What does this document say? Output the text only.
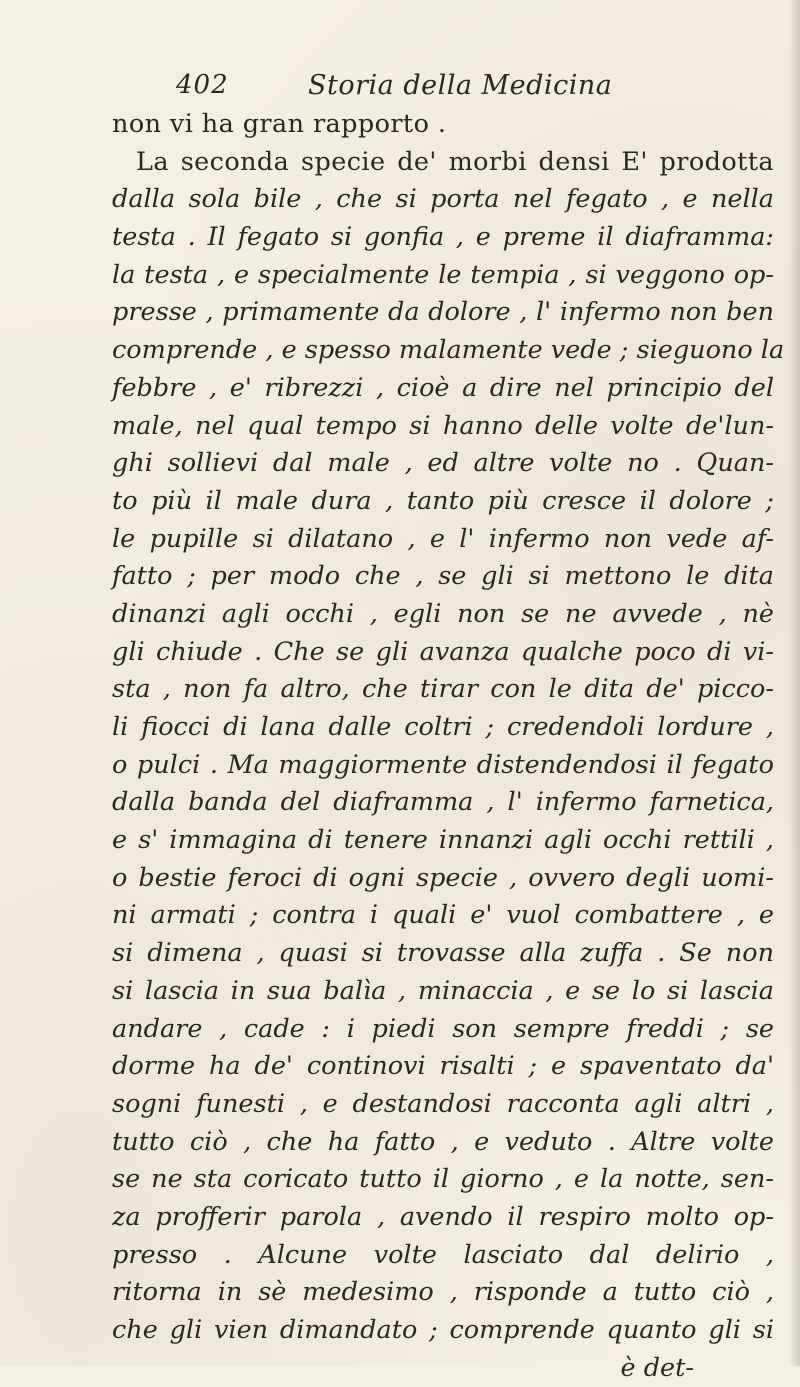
402	Storia della Medicina
non vi ha gran rapporto .
La seconda specie de' morbi densi E' prodotta
dalla sola bile , che si porta nel fegato , e nella
testa . Il fegato si gonfia , e preme il diaframma:
la testa , e specialmente le tempia , si veggono op-
presse , primamente da dolore , l' infermo non ben
comprende , e spesso malamente vede ; sieguono la
febbre , e' ribrezzi , cioè a dire nel principio del
male, nel qual tempo si hanno delle volte de'lun-
ghi sollievi dal male , ed altre volte no . Quan-
to più il male dura , tanto più cresce il dolore ;
le pupille si dilatano , e l' infermo non vede af-
fatto ; per modo che , se gli si mettono le dita
dinanzi agli occhi , egli non se ne avvede , nè
gli chiude . Che se gli avanza qualche poco di vi-
sta , non fa altro, che tirar con le dita de' picco-
li fiocci di lana dalle coltri ; credendoli lordure ,
o pulci . Ma maggiormente distendendosi il fegato
dalla banda del diaframma , l' infermo farnetica,
e s' immagina di tenere innanzi agli occhi rettili ,
o bestie feroci di ogni specie , ovvero degli uomi-
ni armati ; contra i quali e' vuol combattere , e
si dimena , quasi si trovasse alla zuffa . Se non
si lascia in sua balìa , minaccia , e se lo si lascia
andare , cade : i piedi son sempre freddi ; se
dorme ha de' continovi risalti ; e spaventato da'
sogni funesti , e destandosi racconta agli altri ,
tutto ciò , che ha fatto , e veduto . Altre volte
se ne sta coricato tutto il giorno , e la notte, sen-
za profferir parola , avendo il respiro molto op-
presso . Alcune volte lasciato dal delirio ,
ritorna in sè medesimo , risponde a tutto ciò ,
che gli vien dimandato ; comprende quanto gli si
è det-
